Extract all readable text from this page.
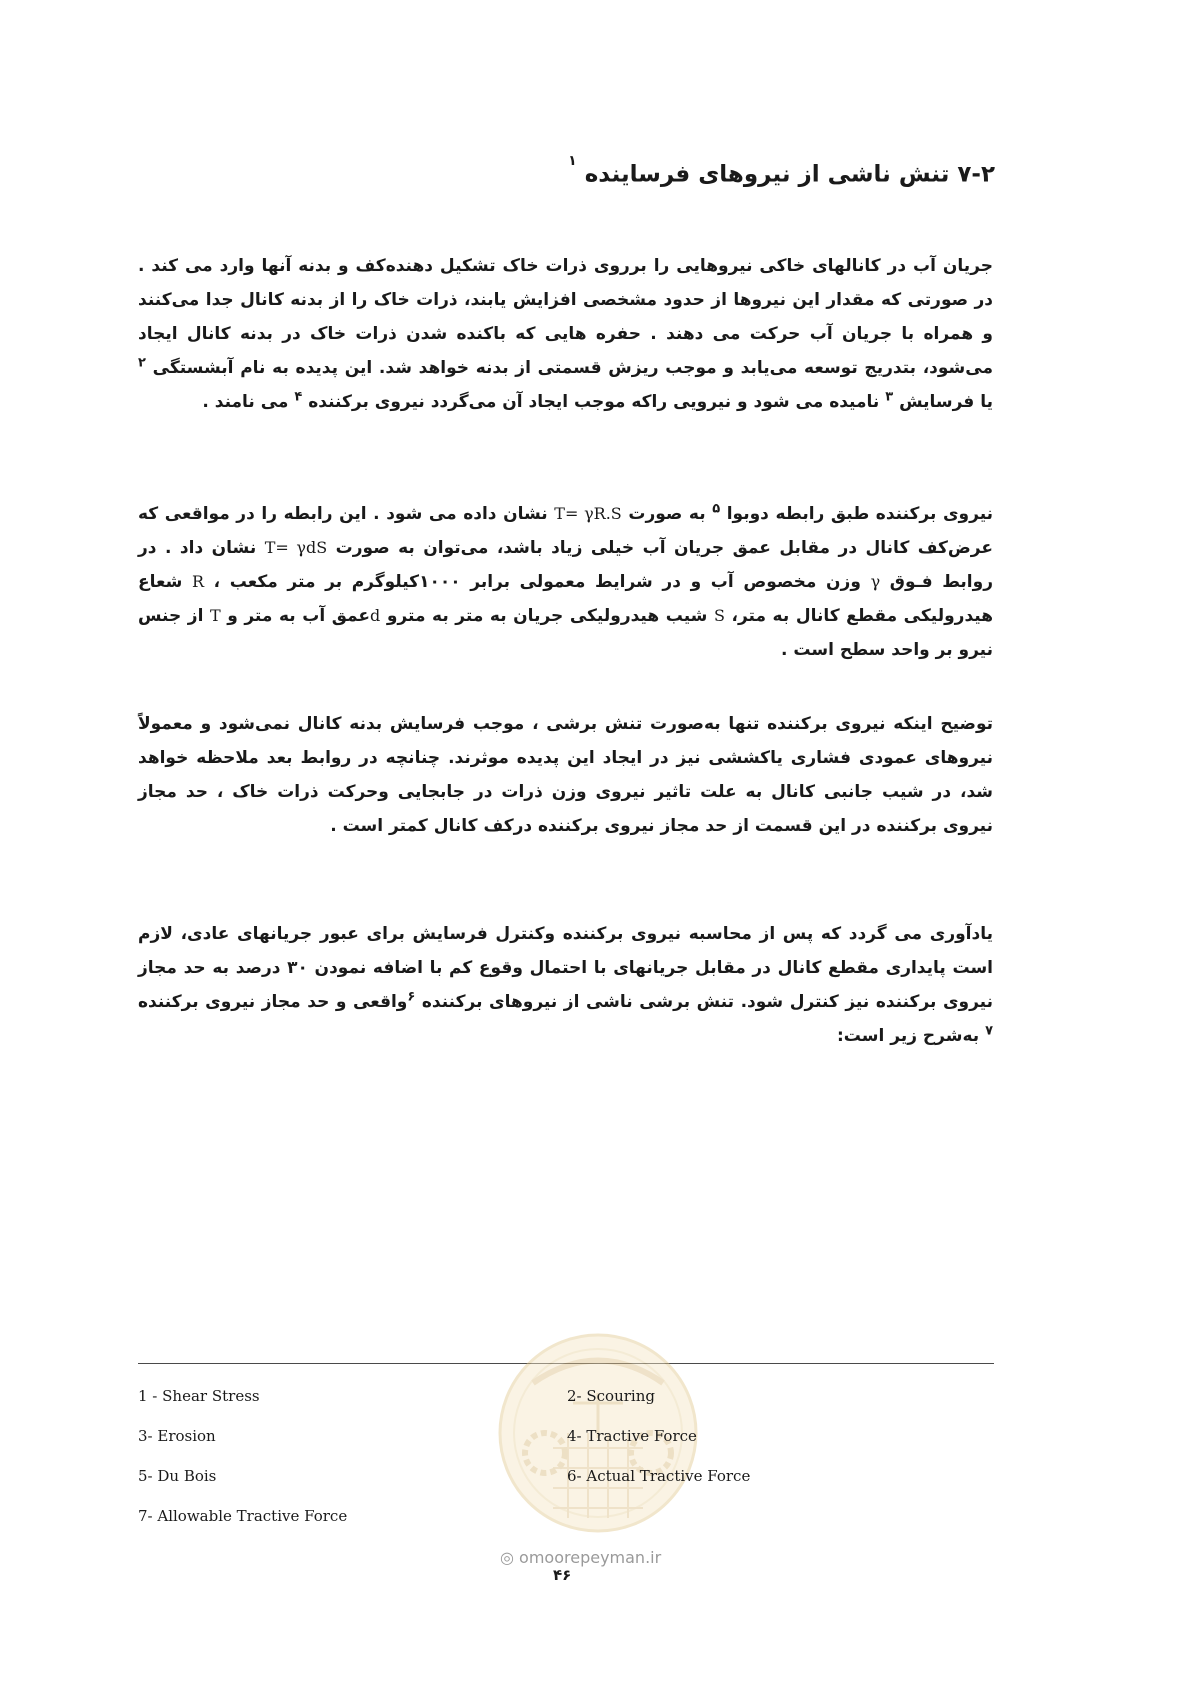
۷-۲ تنش ناشی از نیروهای فرساینده $^۱$

جریان آب در کانالهای خاکی نیروهایی را برروی ذرات خاک تشکیل دهنده‌کف و بدنه آنها وارد می کند . در صورتی که مقدار این نیروها از حدود مشخصی افزایش یابند، ذرات خاک را از بدنه کانال جدا می‌کنند و همراه با جریان آب حرکت می دهند . حفره هایی که باکنده شدن ذرات خاک در بدنه کانال ایجاد می‌شود، بتدریج توسعه می‌یابد و موجب ریزش قسمتی از بدنه خواهد شد. این پدیده به نام آبشستگی $^۲$ یا فرسایش $^۳$ نامیده می شود و نیرویی راکه موجب ایجاد آن می‌گردد نیروی برکننده $^۴$ می نامند .

نیروی برکننده طبق رابطه دوبوا $^۵$ به صورت T= γR.S نشان داده می شود . این رابطه را در مواقعی که عرض‌کف کانال در مقابل عمق جریان آب خیلی زیاد باشد، می‌توان به صورت T= γdS نشان داد . در روابط فـوق γ وزن مخصوص آب و در شرایط معمولی برابر ۱۰۰۰کیلوگرم بر متر مکعب ، R شعاع هیدرولیکی مقطع کانال به متر، S شیب هیدرولیکی جریان به متر به مترو dعمق آب به متر و T از جنس نیرو بر واحد سطح است .

توضیح اینکه نیروی برکننده تنها به‌صورت تنش برشی ، موجب فرسایش بدنه کانال نمی‌شود و معمولاً نیروهای عمودی فشاری یاکششی نیز در ایجاد این پدیده موثرند. چنانچه در روابط بعد ملاحظه خواهد شد، در شیب جانبی کانال به علت تاثیر نیروی وزن ذرات در جابجایی وحرکت ذرات خاک ، حد مجاز نیروی برکننده در این قسمت از حد مجاز نیروی برکننده درکف کانال کمتر است .

یادآوری می گردد که پس از محاسبه نیروی برکننده وکنترل فرسایش برای عبور جریانهای عادی، لازم است پایداری مقطع کانال در مقابل جریانهای با احتمال وقوع کم با اضافه نمودن ۳۰ درصد به حد مجاز نیروی برکننده نیز کنترل شود. تنش برشی ناشی از نیروهای برکننده $^۶$واقعی و حد مجاز نیروی برکننده $^۷$ به‌شرح زیر است:

1 - Shear Stress
3- Erosion
5- Du Bois
7- Allowable Tractive Force
2- Scouring
4- Tractive Force
6- Actual Tractive Force
◎ omoorepeyman.ir
۴۶
